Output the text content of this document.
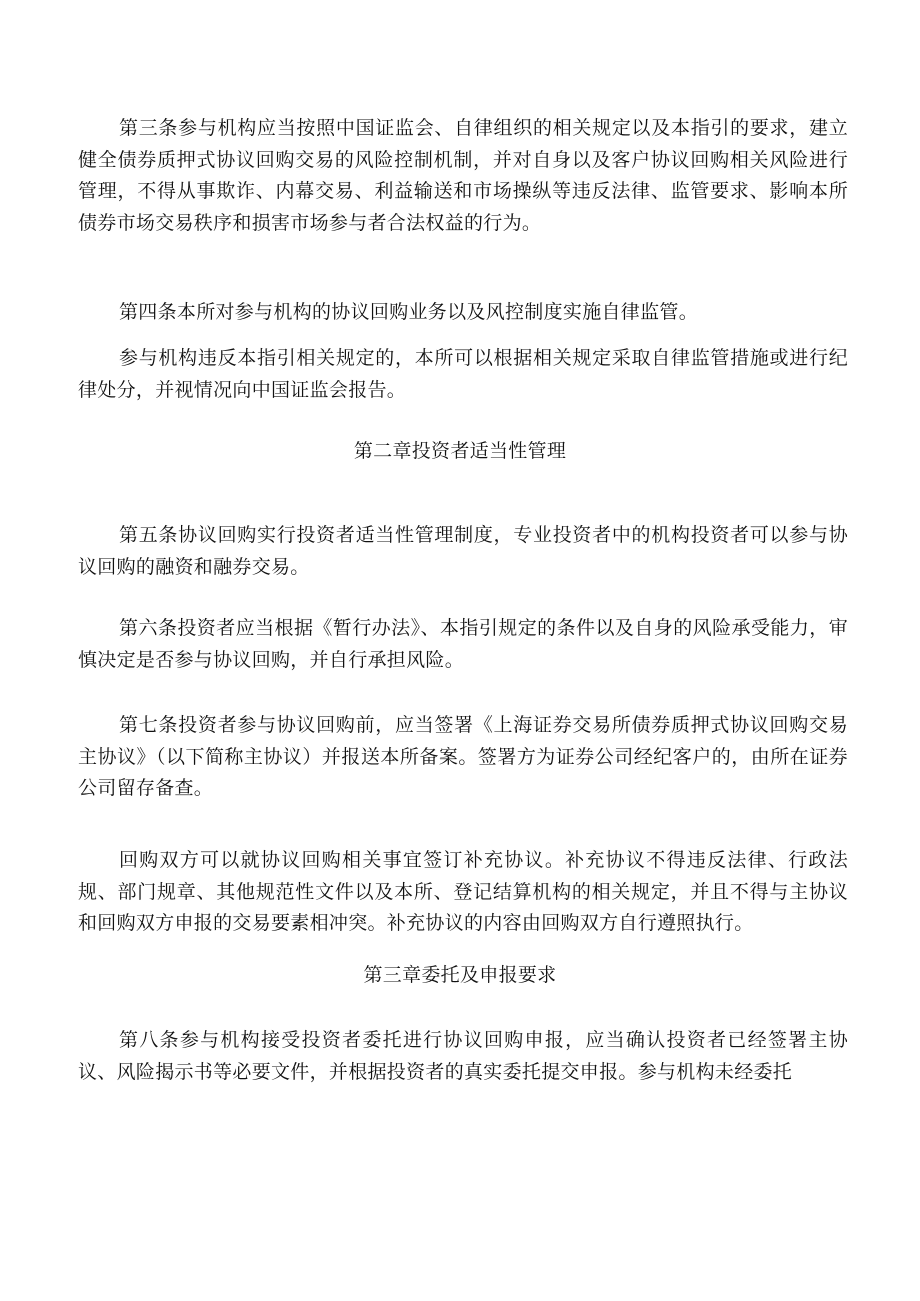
第三条参与机构应当按照中国证监会、自律组织的相关规定以及本指引的要求，建立健全债券质押式协议回购交易的风险控制机制，并对自身以及客户协议回购相关风险进行管理，不得从事欺诈、内幕交易、利益输送和市场操纵等违反法律、监管要求、影响本所债券市场交易秩序和损害市场参与者合法权益的行为。

第四条本所对参与机构的协议回购业务以及风控制度实施自律监管。

参与机构违反本指引相关规定的，本所可以根据相关规定采取自律监管措施或进行纪律处分，并视情况向中国证监会报告。

第二章投资者适当性管理

第五条协议回购实行投资者适当性管理制度，专业投资者中的机构投资者可以参与协议回购的融资和融券交易。

第六条投资者应当根据《暂行办法》、本指引规定的条件以及自身的风险承受能力，审慎决定是否参与协议回购，并自行承担风险。

第七条投资者参与协议回购前，应当签署《上海证券交易所债券质押式协议回购交易主协议》（以下简称主协议）并报送本所备案。签署方为证券公司经纪客户的，由所在证券公司留存备查。

回购双方可以就协议回购相关事宜签订补充协议。补充协议不得违反法律、行政法规、部门规章、其他规范性文件以及本所、登记结算机构的相关规定，并且不得与主协议和回购双方申报的交易要素相冲突。补充协议的内容由回购双方自行遵照执行。

第三章委托及申报要求

第八条参与机构接受投资者委托进行协议回购申报，应当确认投资者已经签署主协议、风险揭示书等必要文件，并根据投资者的真实委托提交申报。参与机构未经委托
